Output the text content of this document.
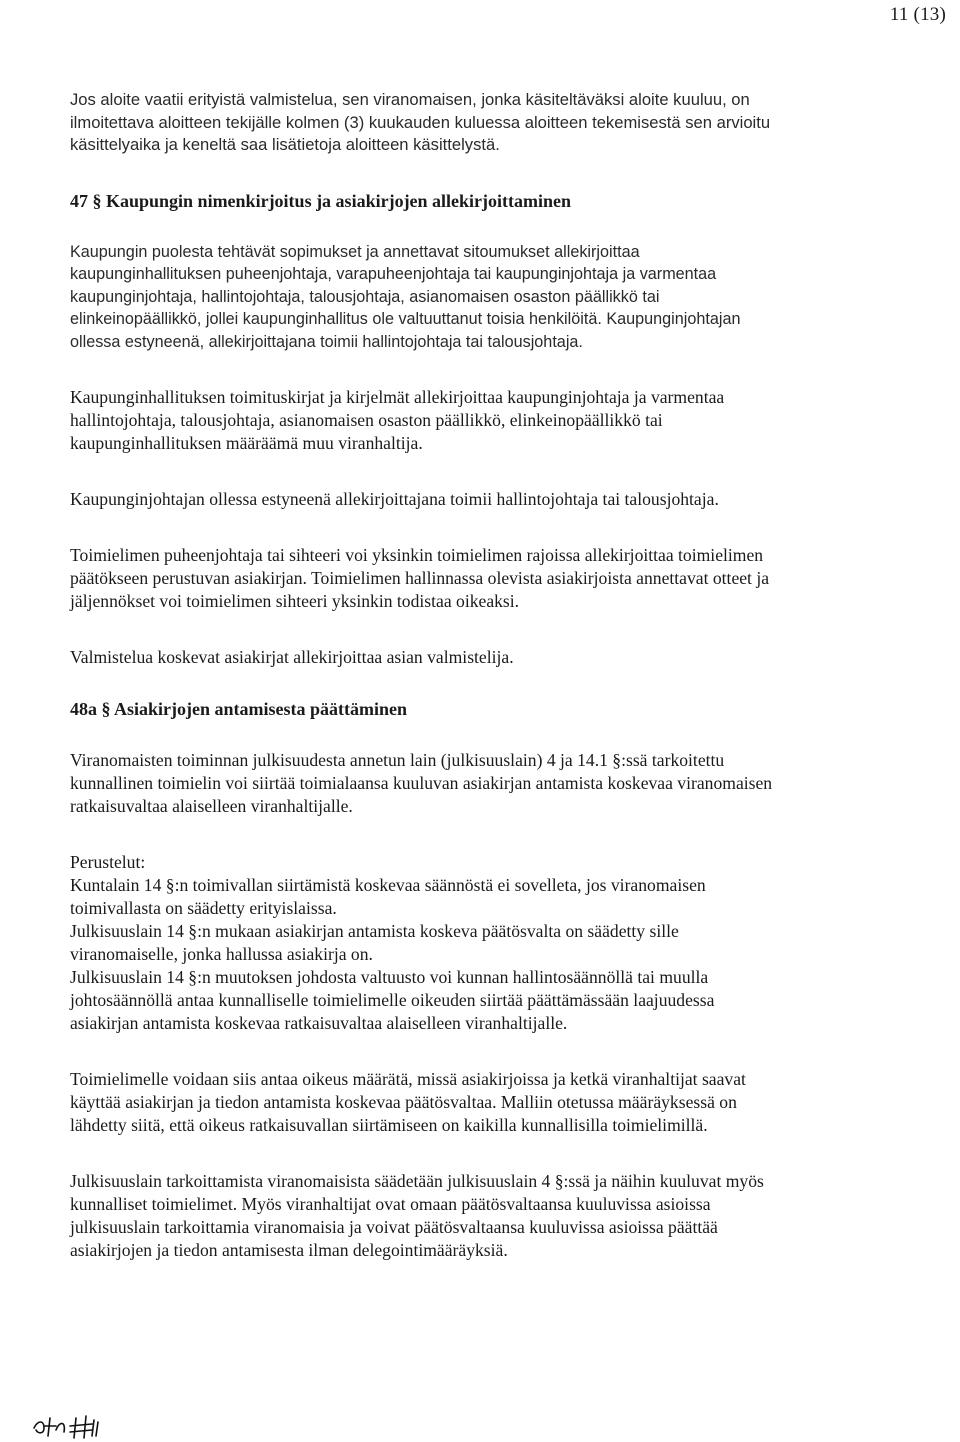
11 (13)

Jos aloite vaatii erityistä valmistelua, sen viranomaisen, jonka käsiteltäväksi aloite kuuluu, on

ilmoitettava aloitteen tekijälle kolmen (3) kuukauden kuluessa aloitteen tekemisestä sen arvioitu

käsittelyaika ja keneltä saa lisätietoja aloitteen käsittelystä.

47 § Kaupungin nimenkirjoitus ja asiakirjojen allekirjoittaminen

Kaupungin puolesta tehtävät sopimukset ja annettavat sitoumukset allekirjoittaa

kaupunginhallituksen puheenjohtaja, varapuheenjohtaja tai kaupunginjohtaja ja varmentaa

kaupunginjohtaja, hallintojohtaja, talousjohtaja, asianomaisen osaston päällikkö tai

elinkeinopäällikkö, jollei kaupunginhallitus ole valtuuttanut toisia henkilöitä. Kaupunginjohtajan

ollessa estyneenä, allekirjoittajana toimii hallintojohtaja tai talousjohtaja.

Kaupunginhallituksen toimituskirjat ja kirjelmät allekirjoittaa kaupunginjohtaja ja varmentaa

hallintojohtaja, talousjohtaja, asianomaisen osaston päällikkö, elinkeinopäällikkö tai

kaupunginhallituksen määräämä muu viranhaltija.

Kaupunginjohtajan ollessa estyneenä allekirjoittajana toimii hallintojohtaja tai talousjohtaja.

Toimielimen puheenjohtaja tai sihteeri voi yksinkin toimielimen rajoissa allekirjoittaa toimielimen

päätökseen perustuvan asiakirjan. Toimielimen hallinnassa olevista asiakirjoista annettavat otteet ja

jäljennökset voi toimielimen sihteeri yksinkin todistaa oikeaksi.

Valmistelua koskevat asiakirjat allekirjoittaa asian valmistelija.

48a § Asiakirjojen antamisesta päättäminen

Viranomaisten toiminnan julkisuudesta annetun lain (julkisuuslain) 4 ja 14.1 §:ssä tarkoitettu

kunnallinen toimielin voi siirtää toimialaansa kuuluvan asiakirjan antamista koskevaa viranomaisen

ratkaisuvaltaa alaiselleen viranhaltijalle.

Perustelut:

Kuntalain 14 §:n toimivallan siirtämistä koskevaa säännöstä ei sovelleta, jos viranomaisen

toimivallasta on säädetty erityislaissa.

Julkisuuslain 14 §:n mukaan asiakirjan antamista koskeva päätösvalta on säädetty sille

viranomaiselle, jonka hallussa asiakirja on.

Julkisuuslain 14 §:n muutoksen johdosta valtuusto voi kunnan hallintosäännöllä tai muulla

johtosäännöllä antaa kunnalliselle toimielimelle oikeuden siirtää päättämässään laajuudessa

asiakirjan antamista koskevaa ratkaisuvaltaa alaiselleen viranhaltijalle.

Toimielimelle voidaan siis antaa oikeus määrätä, missä asiakirjoissa ja ketkä viranhaltijat saavat

käyttää asiakirjan ja tiedon antamista koskevaa päätösvaltaa. Malliin otetussa määräyksessä on

lähdetty siitä, että oikeus ratkaisuvallan siirtämiseen on kaikilla kunnallisilla toimielimillä.

Julkisuuslain tarkoittamista viranomaisista säädetään julkisuuslain 4 §:ssä ja näihin kuuluvat myös

kunnalliset toimielimet. Myös viranhaltijat ovat omaan päätösvaltaansa kuuluvissa asioissa

julkisuuslain tarkoittamia viranomaisia ja voivat päätösvaltaansa kuuluvissa asioissa päättää

asiakirjojen ja tiedon antamisesta ilman delegointimääräyksiä.
